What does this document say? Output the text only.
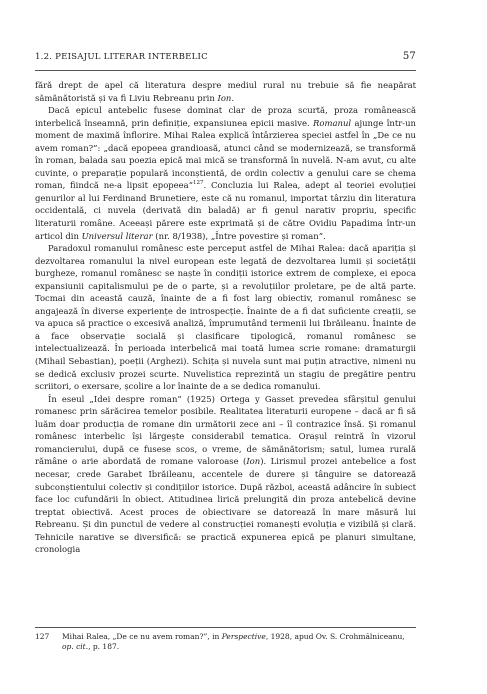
1.2. PEISAJUL LITERAR INTERBELIC	57

fără drept de apel că literatura despre mediul rural nu trebuie să fie neapărat sămănătoristă și va fi Liviu Rebreanu prin Ion.

Dacă epicul antebelic fusese dominat clar de proza scurtă, proza românească interbelică înseamnă, prin definiție, expansiunea epicii masive. Romanul ajunge într-un moment de maximă înflorire. Mihai Ralea explică întârzierea speciei astfel în „De ce nu avem roman?”: „dacă epopeea grandioasă, atunci când se modernizează, se transformă în roman, balada sau poezia epică mai mică se transformă în nuvelă. N-am avut, cu alte cuvinte, o preparație populară inconștientă, de ordin colectiv a genului care se chema roman, fiindcă ne-a lipsit epopeea”$^{127}$. Concluzia lui Ralea, adept al teoriei evoluției genurilor al lui Ferdinand Brunetiere, este că nu romanul, importat târziu din literatura occidentală, ci nuvela (derivată din baladă) ar fi genul narativ propriu, specific literaturii române. Aceeași părere este exprimată și de către Ovidiu Papadima într-un articol din Universul literar (nr. 8/1938), „Între povestire și roman”.

Paradoxul romanului românesc este perceput astfel de Mihai Ralea: dacă apariția și dezvoltarea romanului la nivel european este legată de dezvoltarea lumii și societății burgheze, romanul românesc se naște în condiții istorice extrem de complexe, ei epoca expansiunii capitalismului pe de o parte, și a revoluțiilor proletare, pe de altă parte. Tocmai din această cauză, înainte de a fi fost larg obiectiv, romanul românesc se angajează în diverse experiențe de introspecție. Înainte de a fi dat suficiente creații, se va apuca să practice o excesivă analiză, împrumutând termenii lui Ibrăileanu. Înainte de a face observație socială și clasificare tipologică, romanul românesc se intelectualizează. În perioada interbelică mai toată lumea scrie romane: dramaturgii (Mihail Sebastian), poeții (Arghezi). Schița și nuvela sunt mai puțin atractive, nimeni nu se dedică exclusiv prozei scurte. Nuvelistica reprezintă un stagiu de pregătire pentru scriitori, o exersare, școlire a lor înainte de a se dedica romanului.

În eseul „Idei despre roman” (1925) Ortega y Gasset prevedea sfârșitul genului romanesc prin sărăcirea temelor posibile. Realitatea literaturii europene – dacă ar fi să luăm doar producția de romane din următorii zece ani – îl contrazice însă. Și romanul românesc interbelic își lărgește considerabil tematica. Orașul reintră în vizorul romancierului, după ce fusese scos, o vreme, de sămănătorism; satul, lumea rurală rămâne o arie abordată de romane valoroase (Ion). Lirismul prozei antebelice a fost necesar, crede Garabet Ibrăileanu, accentele de durere și tânguire se datorează subconștientului colectiv și condițiilor istorice. După război, această adâncire în subiect face loc cufundării în obiect. Atitudinea lirică prelungită din proza antebelică devine treptat obiectivă. Acest proces de obiectivare se datorează în mare măsură lui Rebreanu. Și din punctul de vedere al construcției romanești evoluția e vizibilă și clară. Tehnicile narative se diversifică: se practică expunerea epică pe planuri simultane, cronologia

127 Mihai Ralea, „De ce nu avem roman?”, in Perspective, 1928, apud Ov. S. Crohmălniceanu, op. cit., p. 187.
